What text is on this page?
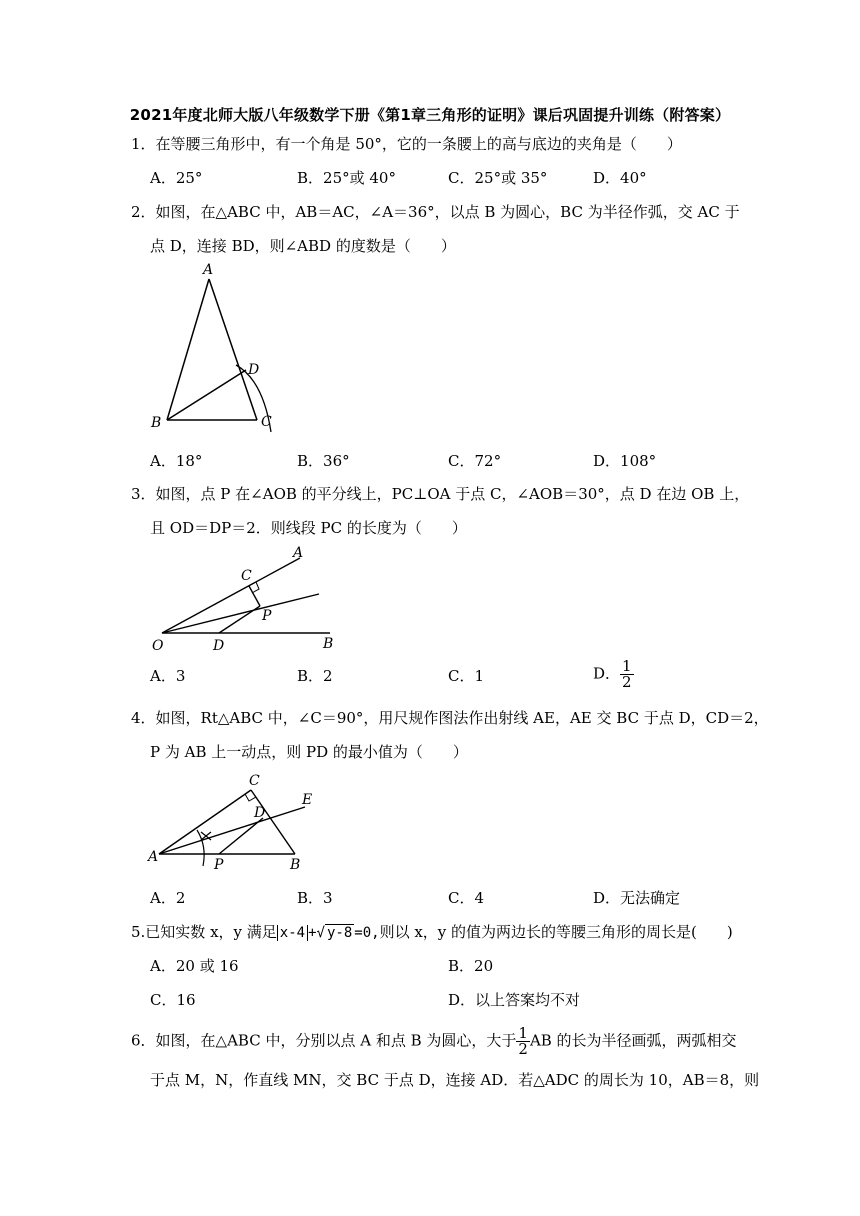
2021年度北师大版八年级数学下册《第1章三角形的证明》课后巩固提升训练（附答案）
1．在等腰三角形中，有一个角是 50°，它的一条腰上的高与底边的夹角是（　　）
A．25°	B．25°或 40°	C．25°或 35°	D．40°
2．如图，在△ABC 中，AB＝AC，∠A＝36°，以点 B 为圆心，BC 为半径作弧，交 AC 于
点 D，连接 BD，则∠ABD 的度数是（　　）
A
B	C
D
A．18°	B．36°	C．72°	D．108°
3．如图，点 P 在∠AOB 的平分线上，PC⊥OA 于点 C，∠AOB＝30°，点 D 在边 OB 上，
且 OD＝DP＝2．则线段 PC 的长度为（　　）
A
C
P
O	D	B
A．3	B．2	C．1	D． $\frac{1}{2}$
4．如图，Rt△ABC 中，∠C＝90°，用尺规作图法作出射线 AE，AE 交 BC 于点 D，CD＝2，
P 为 AB 上一动点，则 PD 的最小值为（　　）
C
E
D
A	P	B
A．2	B．3	C．4	D．无法确定
5.已知实数 x，y 满足 x-4 +√ y-8 =0,则以 x，y 的值为两边长的等腰三角形的周长是(　　)
A．20 或 16	B．20
C．16	D．以上答案均不对
6．如图，在△ABC 中，分别以点 A 和点 B 为圆心，大于 $\frac{1}{2}$ AB 的长为半径画弧，两弧相交
于点 M，N，作直线 MN，交 BC 于点 D，连接 AD．若△ADC 的周长为 10，AB＝8，则
